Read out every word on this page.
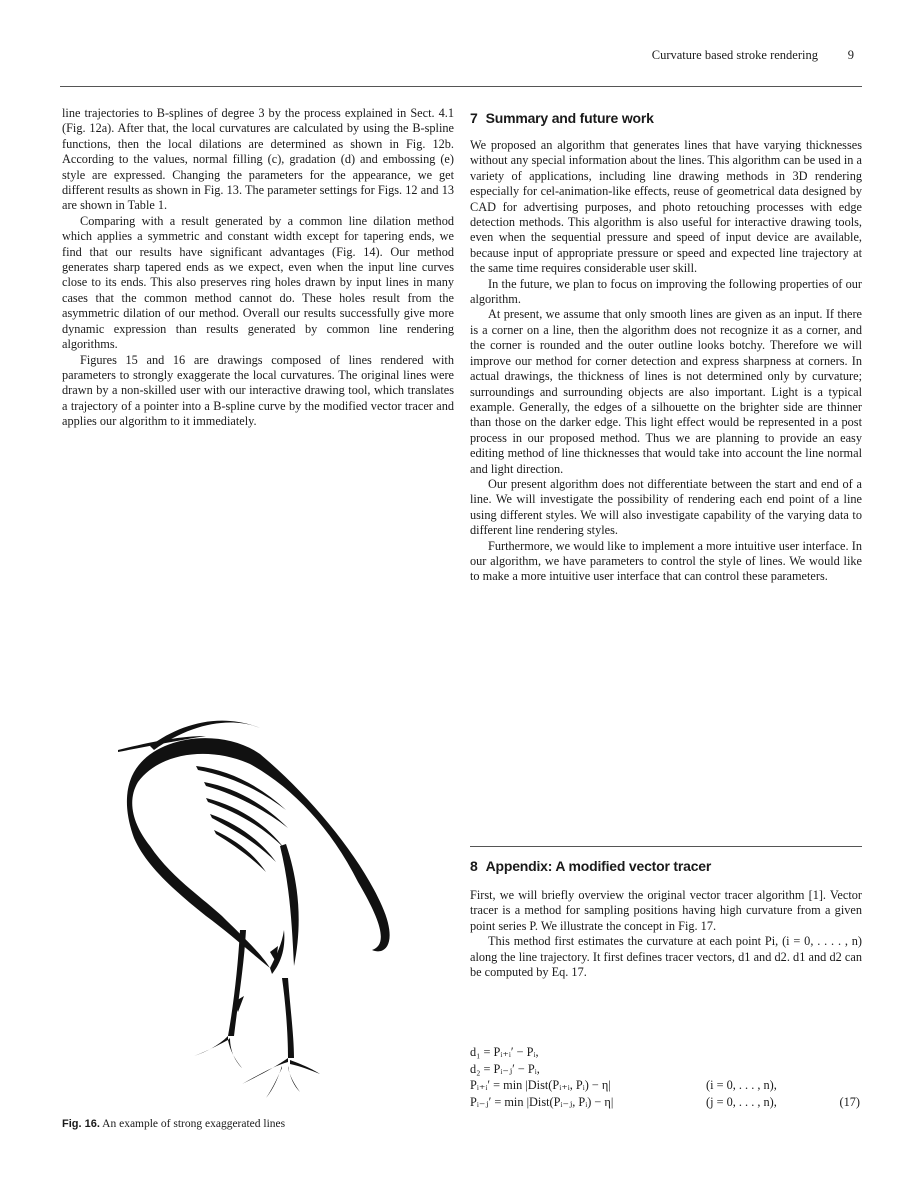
Curvature based stroke rendering 9

line trajectories to B-splines of degree 3 by the process explained in Sect. 4.1 (Fig. 12a). After that, the local curvatures are calculated by using the B-spline functions, then the local dilations are determined as shown in Fig. 12b. According to the values, normal filling (c), gradation (d) and embossing (e) style are expressed. Changing the parameters for the appearance, we get different results as shown in Fig. 13. The parameter settings for Figs. 12 and 13 are shown in Table 1.

Comparing with a result generated by a common line dilation method which applies a symmetric and constant width except for tapering ends, we find that our results have significant advantages (Fig. 14). Our method generates sharp tapered ends as we expect, even when the input line curves close to its ends. This also preserves ring holes drawn by input lines in many cases that the common method cannot do. These holes result from the asymmetric dilation of our method. Overall our results successfully give more dynamic expression than results generated by common line rendering algorithms.

Figures 15 and 16 are drawings composed of lines rendered with parameters to strongly exaggerate the local curvatures. The original lines were drawn by a non-skilled user with our interactive drawing tool, which translates a trajectory of a pointer into a B-spline curve by the modified vector tracer and applies our algorithm to it immediately.

Fig. 16. An example of strong exaggerated lines
7 Summary and future work

We proposed an algorithm that generates lines that have varying thicknesses without any special information about the lines. This algorithm can be used in a variety of applications, including line drawing methods in 3D rendering especially for cel-animation-like effects, reuse of geometrical data designed by CAD for advertising purposes, and photo retouching processes with edge detection methods. This algorithm is also useful for interactive drawing tools, even when the sequential pressure and speed of input device are available, because input of appropriate pressure or speed and expected line trajectory at the same time requires considerable user skill.

In the future, we plan to focus on improving the following properties of our algorithm.

At present, we assume that only smooth lines are given as an input. If there is a corner on a line, then the algorithm does not recognize it as a corner, and the corner is rounded and the outer outline looks botchy. Therefore we will improve our method for corner detection and express sharpness at corners. In actual drawings, the thickness of lines is not determined only by curvature; surroundings and surrounding objects are also important. Light is a typical example. Generally, the edges of a silhouette on the brighter side are thinner than those on the darker edge. This light effect would be represented in a post process in our proposed method. Thus we are planning to provide an easy editing method of line thicknesses that would take into account the line normal and light direction.

Our present algorithm does not differentiate between the start and end of a line. We will investigate the possibility of rendering each end point of a line using different styles. We will also investigate capability of the varying data to different line rendering styles.

Furthermore, we would like to implement a more intuitive user interface. In our algorithm, we have parameters to control the style of lines. We would like to make a more intuitive user interface that can control these parameters.

8 Appendix: A modified vector tracer

First, we will briefly overview the original vector tracer algorithm [1]. Vector tracer is a method for sampling positions having high curvature from a given point series P. We illustrate the concept in Fig. 17.

This method first estimates the curvature at each point Pi, (i = 0, . . . . , n) along the line trajectory. It first defines tracer vectors, d1 and d2. d1 and d2 can be computed by Eq. 17.

d₁ = Pᵢ₊ᵢ′ − Pᵢ,
d₂ = Pᵢ₋ⱼ′ − Pᵢ,
Pᵢ₊ᵢ′ = min |Dist(Pᵢ₊ᵢ, Pᵢ) − η|	(i = 0, . . . , n),
Pᵢ₋ⱼ′ = min |Dist(Pᵢ₋ⱼ, Pᵢ) − η|	(j = 0, . . . , n),	(17)
